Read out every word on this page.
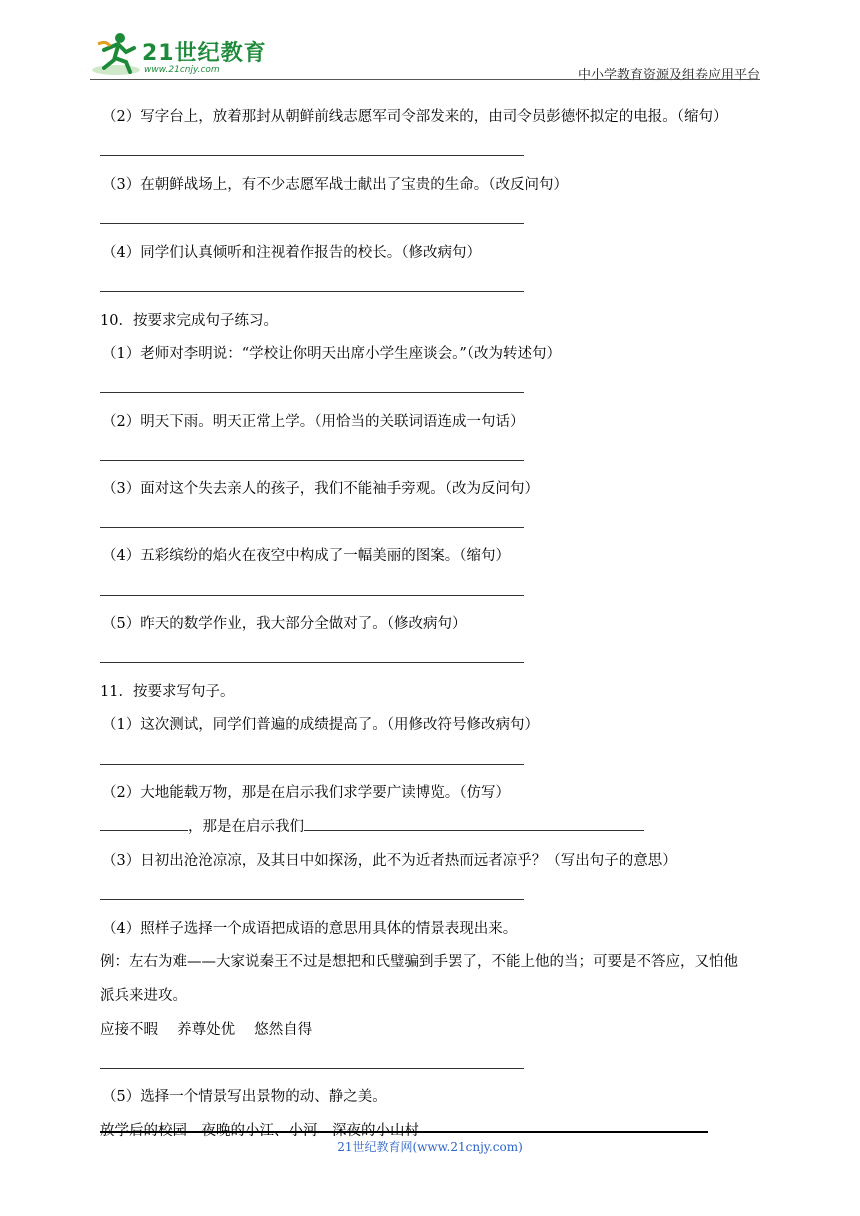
21世纪教育
www.21cnjy.com	中小学教育资源及组卷应用平台
（2）写字台上，放着那封从朝鲜前线志愿军司令部发来的，由司令员彭德怀拟定的电报。（缩句）
（3）在朝鲜战场上，有不少志愿军战士献出了宝贵的生命。（改反问句）
（4）同学们认真倾听和注视着作报告的校长。（修改病句）
10．按要求完成句子练习。
（1）老师对李明说：“学校让你明天出席小学生座谈会。”（改为转述句）
（2）明天下雨。明天正常上学。（用恰当的关联词语连成一句话）
（3）面对这个失去亲人的孩子，我们不能袖手旁观。（改为反问句）
（4）五彩缤纷的焰火在夜空中构成了一幅美丽的图案。（缩句）
（5）昨天的数学作业，我大部分全做对了。（修改病句）
11．按要求写句子。
（1）这次测试，同学们普遍的成绩提高了。（用修改符号修改病句）
（2）大地能载万物，那是在启示我们求学要广读博览。（仿写）
，那是在启示我们
（3）日初出沧沧凉凉，及其日中如探汤，此不为近者热而远者凉乎？（写出句子的意思）
（4）照样子选择一个成语把成语的意思用具体的情景表现出来。
例：左右为难——大家说秦王不过是想把和氏璧骗到手罢了，不能上他的当；可要是不答应，又怕他
派兵来进攻。
应接不暇　 养尊处优　 悠然自得
（5）选择一个情景写出景物的动、静之美。
放学后的校园　夜晚的小江、小河　深夜的小山村
21世纪教育网(www.21cnjy.com)
